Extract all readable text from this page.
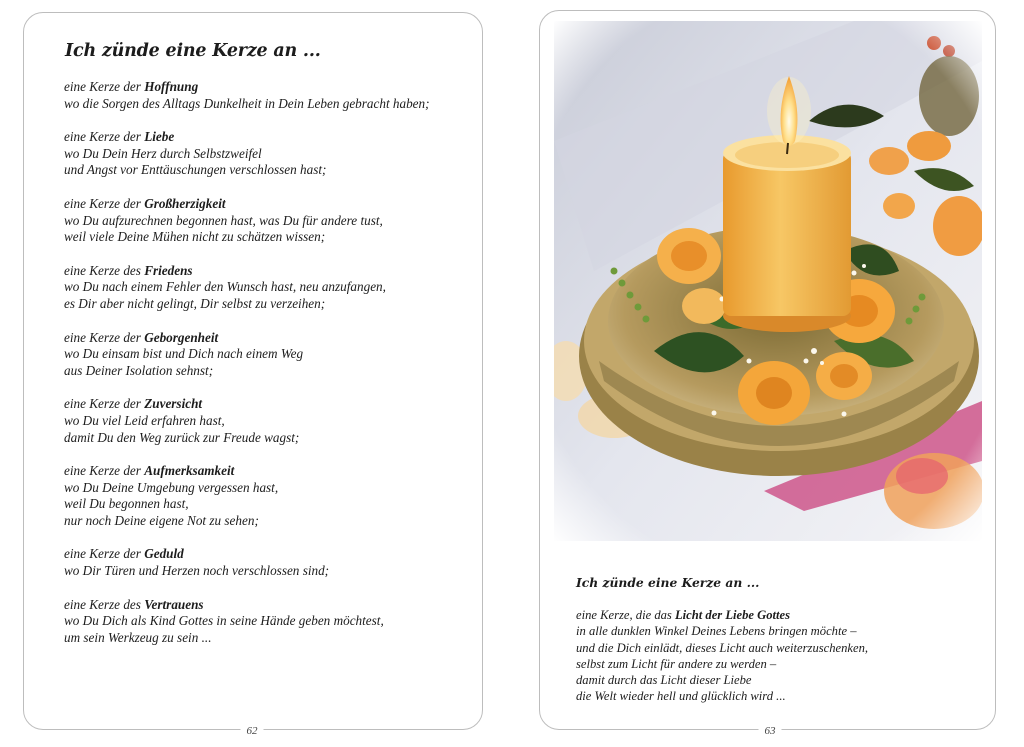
Ich zünde eine Kerze an ...
eine Kerze der Hoffnung
wo die Sorgen des Alltags Dunkelheit in Dein Leben gebracht haben;
eine Kerze der Liebe
wo Du Dein Herz durch Selbstzweifel
und Angst vor Enttäuschungen verschlossen hast;
eine Kerze der Großherzigkeit
wo Du aufzurechnen begonnen hast, was Du für andere tust,
weil viele Deine Mühen nicht zu schätzen wissen;
eine Kerze des Friedens
wo Du nach einem Fehler den Wunsch hast, neu anzufangen,
es Dir aber nicht gelingt, Dir selbst zu verzeihen;
eine Kerze der Geborgenheit
wo Du einsam bist und Dich nach einem Weg
aus Deiner Isolation sehnst;
eine Kerze der Zuversicht
wo Du viel Leid erfahren hast,
damit Du den Weg zurück zur Freude wagst;
eine Kerze der Aufmerksamkeit
wo Du Deine Umgebung vergessen hast,
weil Du begonnen hast,
nur noch Deine eigene Not zu sehen;
eine Kerze der Geduld
wo Dir Türen und Herzen noch verschlossen sind;
eine Kerze des Vertrauens
wo Du Dich als Kind Gottes in seine Hände geben möchtest,
um sein Werkzeug zu sein ...
62
Ich zünde eine Kerze an ...
eine Kerze, die das Licht der Liebe Gottes
in alle dunklen Winkel Deines Lebens bringen möchte –
und die Dich einlädt, dieses Licht auch weiterzuschenken,
selbst zum Licht für andere zu werden –
damit durch das Licht dieser Liebe
die Welt wieder hell und glücklich wird ...
63
